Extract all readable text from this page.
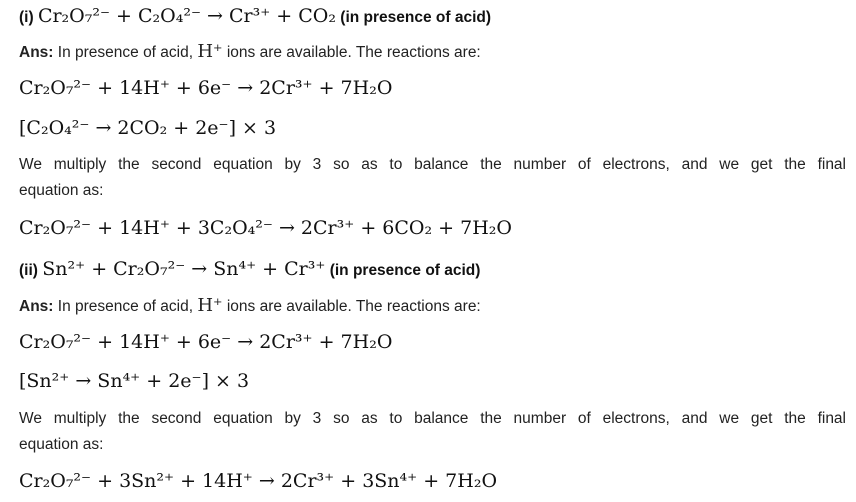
(i) Cr₂O₇²⁻ + C₂O₄²⁻ → Cr³⁺ + CO₂ (in presence of acid)
Ans: In presence of acid, H⁺ ions are available. The reactions are:
Cr₂O₇²⁻ + 14H⁺ + 6e⁻ → 2Cr³⁺ + 7H₂O
[C₂O₄²⁻ → 2CO₂ + 2e⁻] × 3
We multiply the second equation by 3 so as to balance the number of electrons, and we get the final
equation as:
Cr₂O₇²⁻ + 14H⁺ + 3C₂O₄²⁻ → 2Cr³⁺ + 6CO₂ + 7H₂O
(ii) Sn²⁺ + Cr₂O₇²⁻ → Sn⁴⁺ + Cr³⁺ (in presence of acid)
Ans: In presence of acid, H⁺ ions are available. The reactions are:
Cr₂O₇²⁻ + 14H⁺ + 6e⁻ → 2Cr³⁺ + 7H₂O
[Sn²⁺ → Sn⁴⁺ + 2e⁻] × 3
We multiply the second equation by 3 so as to balance the number of electrons, and we get the final
equation as:
Cr₂O₇²⁻ + 3Sn²⁺ + 14H⁺ → 2Cr³⁺ + 3Sn⁴⁺ + 7H₂O
